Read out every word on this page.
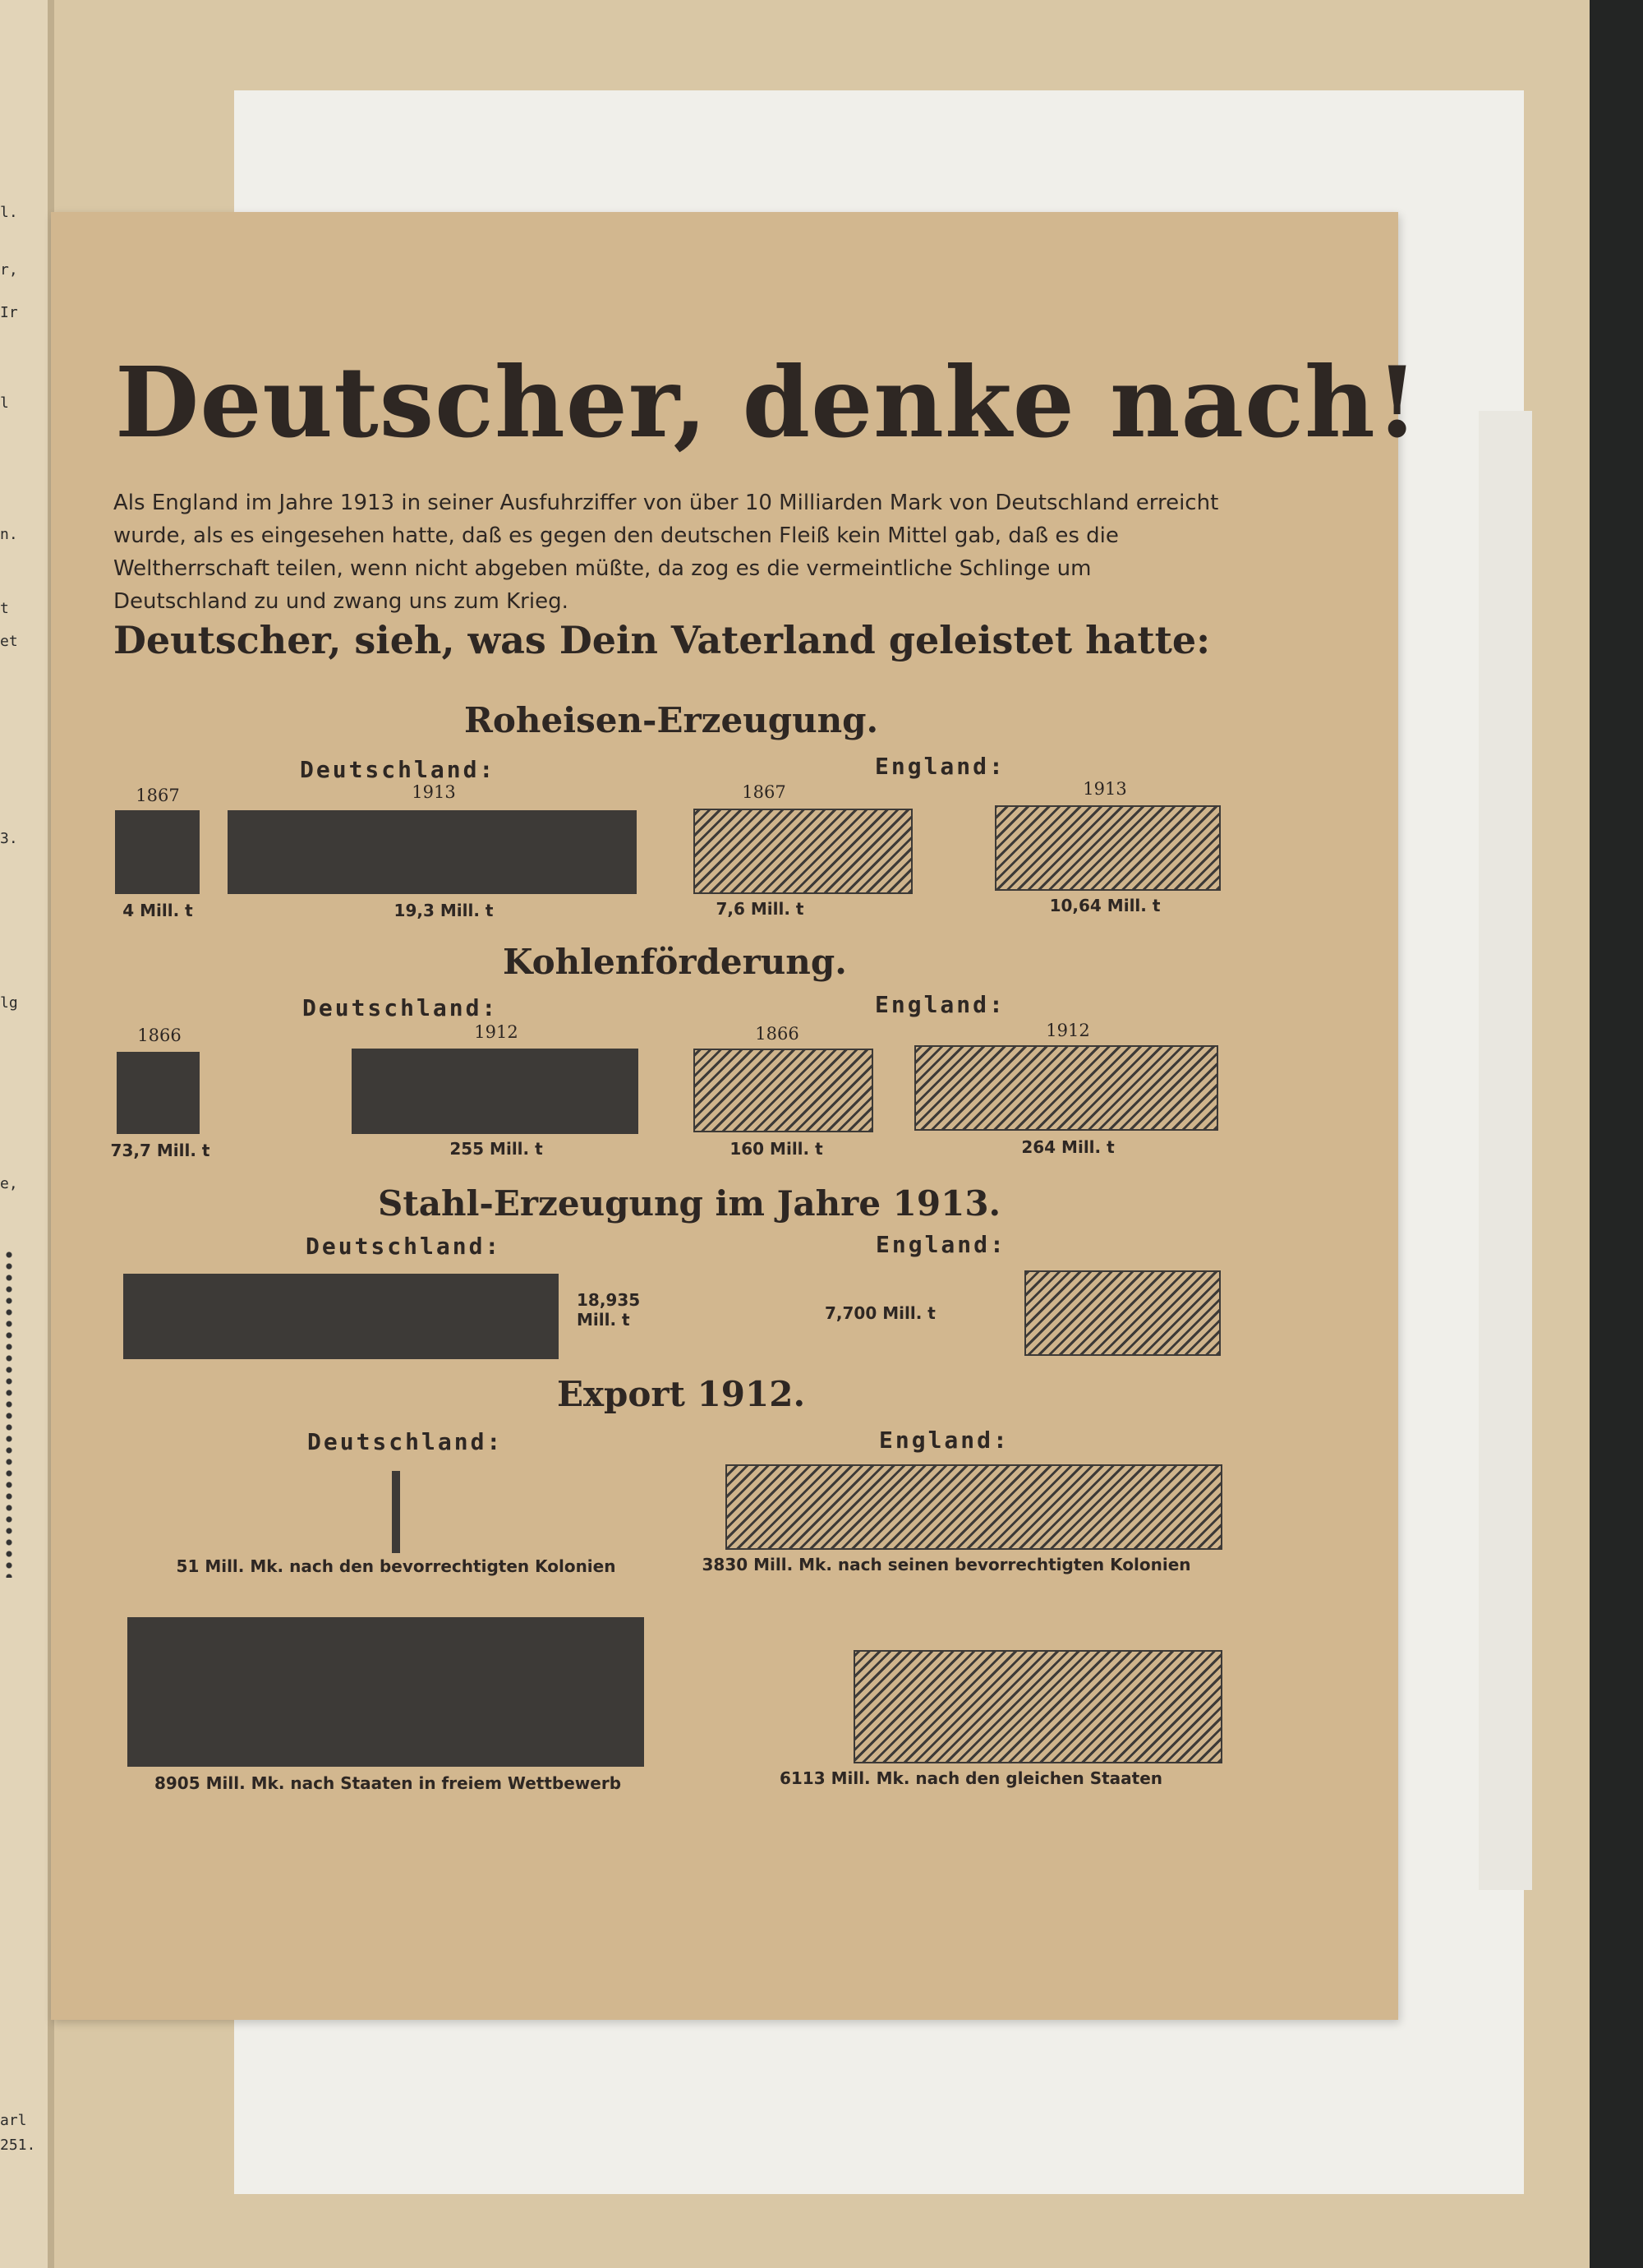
l.
r,
Ir
l
n.
t
et
3.
lg
e,
arl
251.
Deutscher, denke nach!
Als England im Jahre 1913 in seiner Ausfuhrziffer von über 10 Milliarden Mark von Deutschland erreicht wurde, als es eingesehen hatte, daß es gegen den deutschen Fleiß kein Mittel gab, daß es die Weltherrschaft teilen, wenn nicht abgeben müßte, da zog es die vermeintliche Schlinge um Deutschland zu und zwang uns zum Krieg.
Deutscher, sieh, was Dein Vaterland geleistet hatte:
Roheisen-Erzeugung.
Deutschland:	England:
1867	1913	1867	1913
4 Mill. t	19,3 Mill. t	7,6 Mill. t	10,64 Mill. t
Kohlenförderung.
Deutschland:	England:
1866	1912	1866	1912
73,7 Mill. t	255 Mill. t	160 Mill. t	264 Mill. t
Stahl-Erzeugung im Jahre 1913.
Deutschland:	England:
18,935
Mill. t	7,700 Mill. t
Export 1912.
Deutschland:	England:
51 Mill. Mk. nach den bevorrechtigten Kolonien	3830 Mill. Mk. nach seinen bevorrechtigten Kolonien
8905 Mill. Mk. nach Staaten in freiem Wettbewerb	6113 Mill. Mk. nach den gleichen Staaten
